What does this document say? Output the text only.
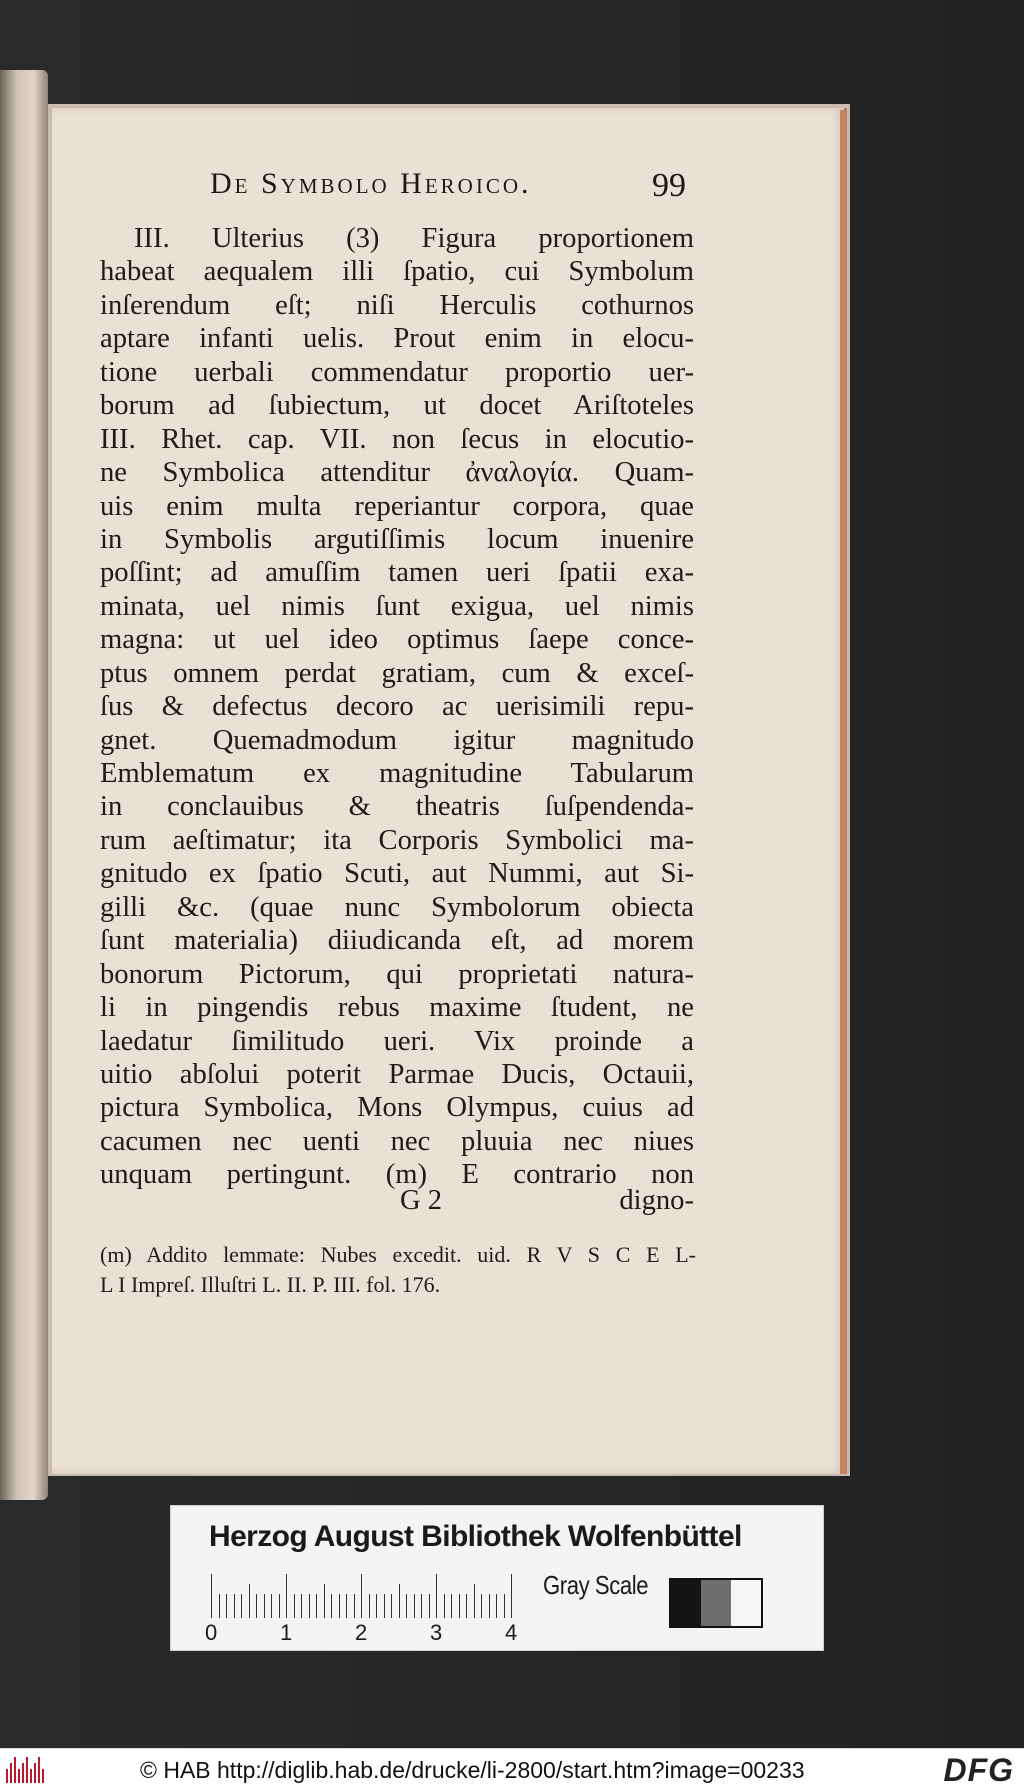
De Symbolo Heroico.	99
III. Ulterius (3) Figura proportionem
habeat aequalem illi ſpatio, cui Symbolum
inſerendum eſt; niſi Herculis cothurnos
aptare infanti uelis. Prout enim in elocu-
tione uerbali commendatur proportio uer-
borum ad ſubiectum, ut docet Ariſtoteles
III. Rhet. cap. VII. non ſecus in elocutio-
ne Symbolica attenditur ἀναλογία. Quam-
uis enim multa reperiantur corpora, quae
in Symbolis argutiſſimis locum inuenire
poſſint; ad amuſſim tamen ueri ſpatii exa-
minata, uel nimis ſunt exigua, uel nimis
magna: ut uel ideo optimus ſaepe conce-
ptus omnem perdat gratiam, cum & exceſ-
ſus & defectus decoro ac uerisimili repu-
gnet. Quemadmodum igitur magnitudo
Emblematum ex magnitudine Tabularum
in conclauibus & theatris ſuſpendenda-
rum aeſtimatur; ita Corporis Symbolici ma-
gnitudo ex ſpatio Scuti, aut Nummi, aut Si-
gilli &c. (quae nunc Symbolorum obiecta
ſunt materialia) diiudicanda eſt, ad morem
bonorum Pictorum, qui proprietati natura-
li in pingendis rebus maxime ſtudent, ne
laedatur ſimilitudo ueri. Vix proinde a
uitio abſolui poterit Parmae Ducis, Octauii,
pictura Symbolica, Mons Olympus, cuius ad
cacumen nec uenti nec pluuia nec niues
unquam pertingunt. (m) E contrario non
G 2	digno-
(m) Addito lemmate: Nubes excedit. uid. R V S C E L-
L I Impreſ. Illuſtri L. II. P. III. fol. 176.
Herzog August Bibliothek Wolfenbüttel
0	1	2	3	4
Gray Scale
© HAB http://diglib.hab.de/drucke/li-2800/start.htm?image=00233	DFG
